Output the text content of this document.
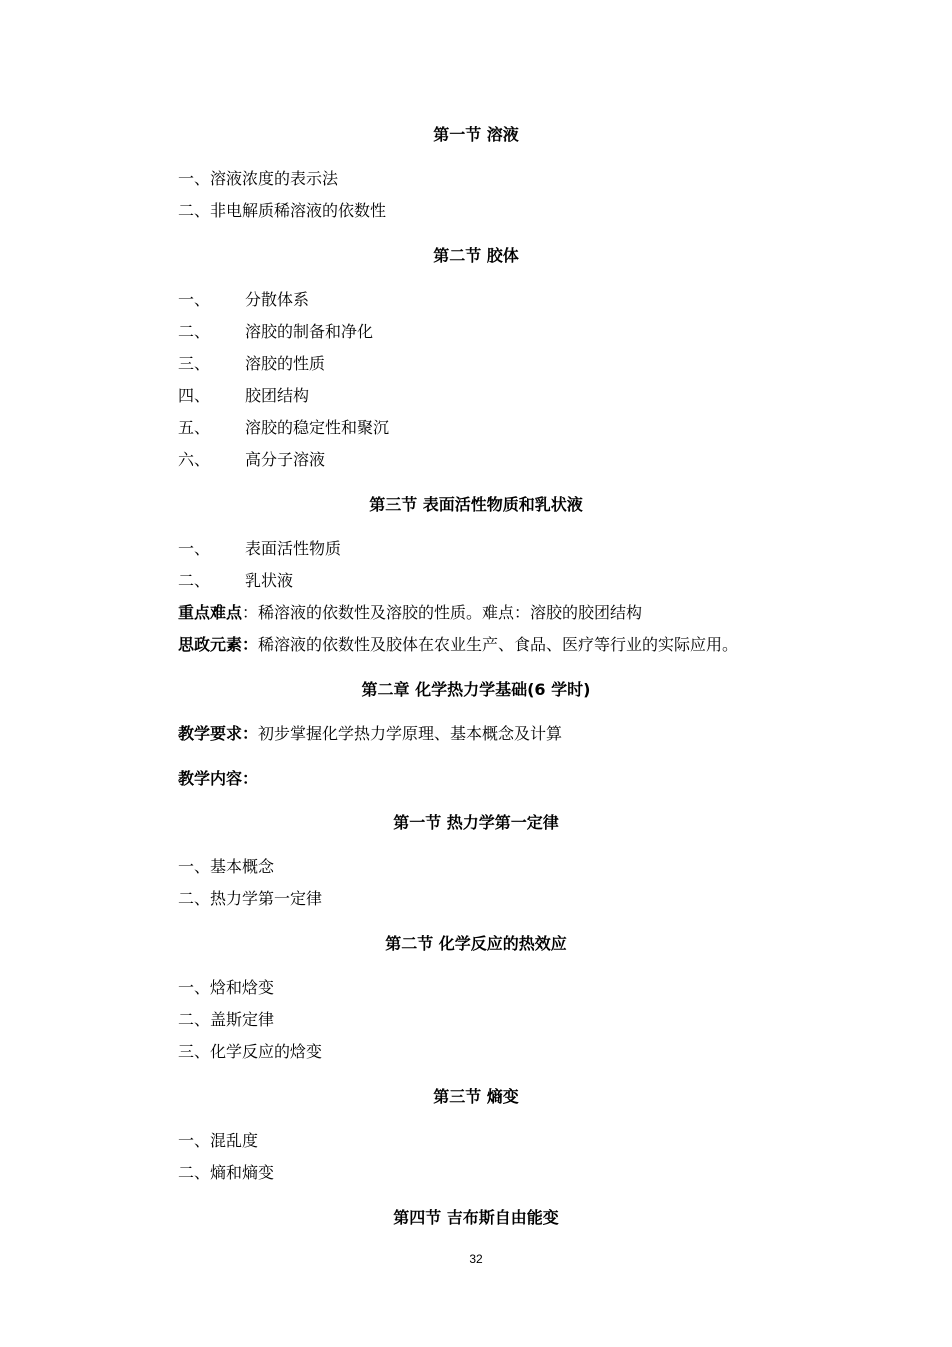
第一节 溶液
一、溶液浓度的表示法
二、非电解质稀溶液的依数性
第二节 胶体
一、 分散体系
二、 溶胶的制备和净化
三、 溶胶的性质
四、 胶团结构
五、 溶胶的稳定性和聚沉
六、 高分子溶液
第三节 表面活性物质和乳状液
一、 表面活性物质
二、 乳状液
重点难点：稀溶液的依数性及溶胶的性质。难点：溶胶的胶团结构
思政元素：稀溶液的依数性及胶体在农业生产、食品、医疗等行业的实际应用。
第二章 化学热力学基础(6 学时)
教学要求：初步掌握化学热力学原理、基本概念及计算
教学内容：
第一节 热力学第一定律
一、基本概念
二、热力学第一定律
第二节 化学反应的热效应
一、焓和焓变
二、盖斯定律
三、化学反应的焓变
第三节 熵变
一、混乱度
二、熵和熵变
第四节 吉布斯自由能变
32
